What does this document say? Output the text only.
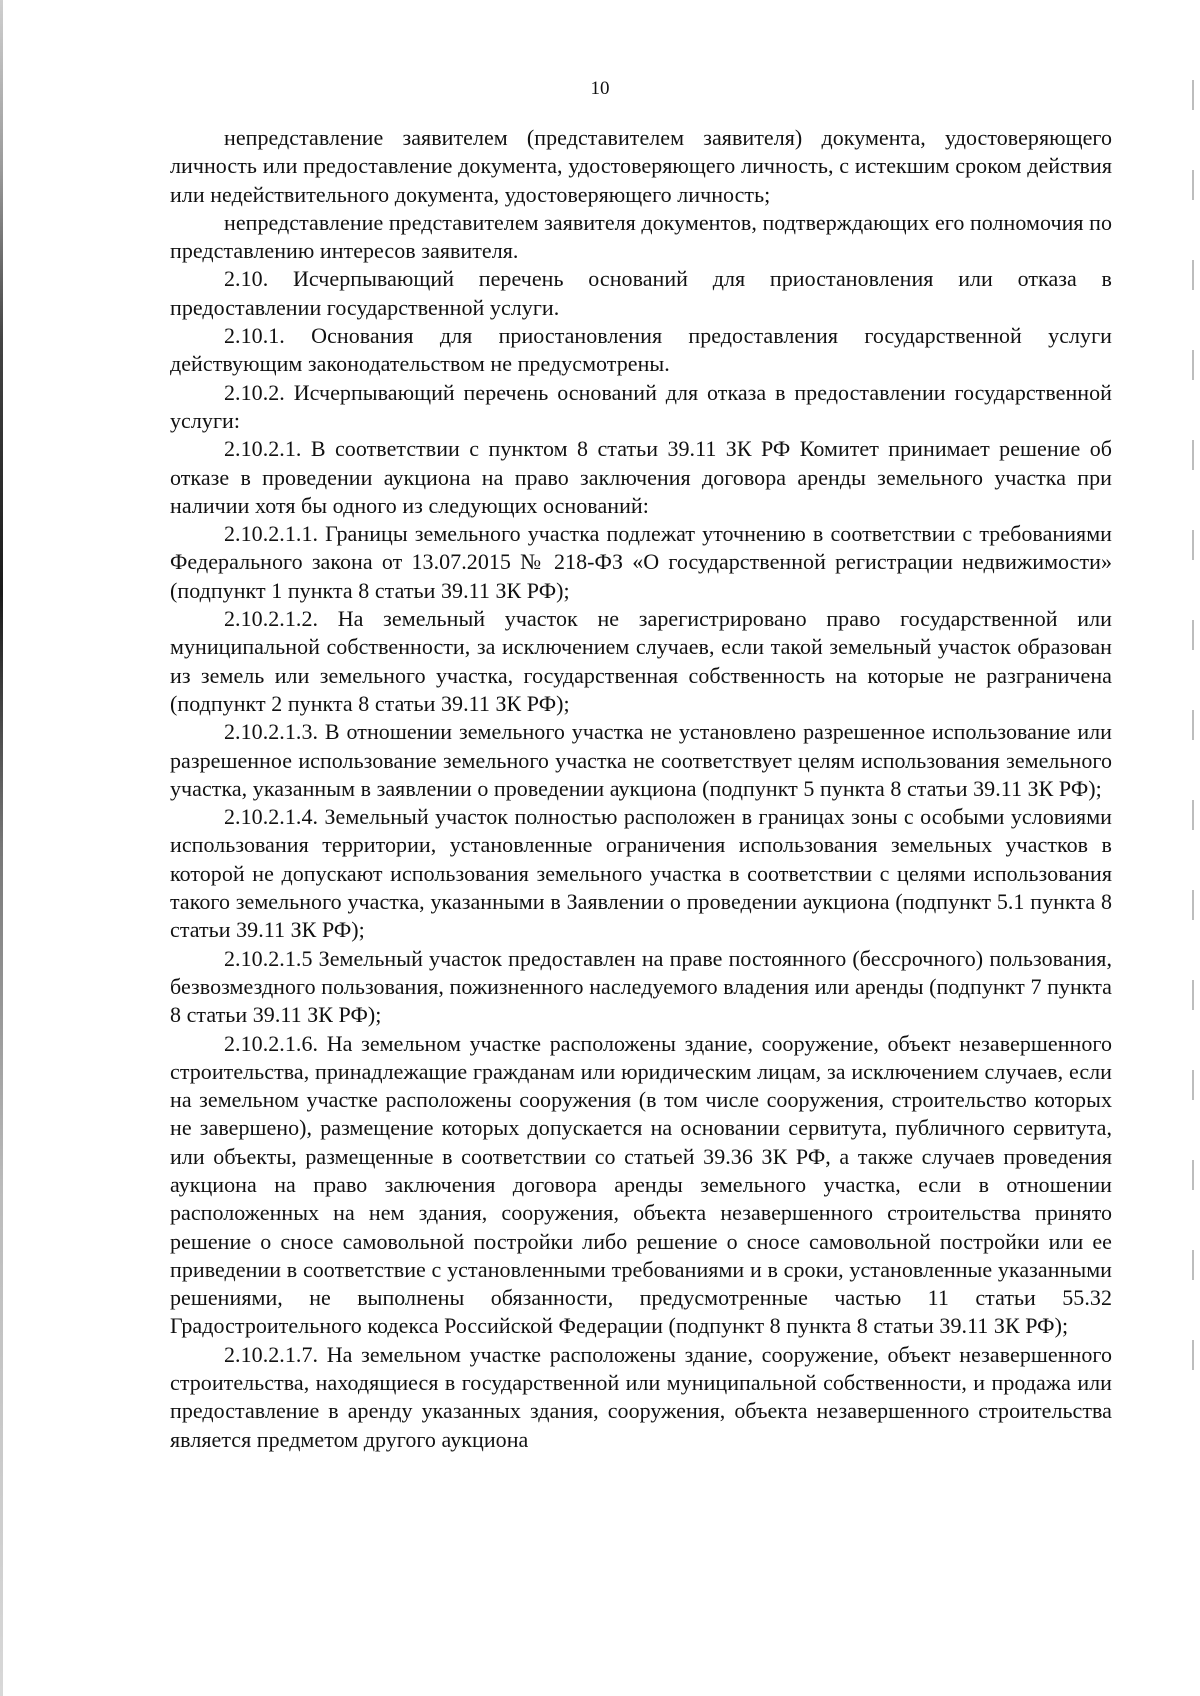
10

непредставление заявителем (представителем заявителя) документа, удостоверяющего личность или предоставление документа, удостоверяющего личность, с истекшим сроком действия или недействительного документа, удостоверяющего личность;

непредставление представителем заявителя документов, подтверждающих его полномочия по представлению интересов заявителя.

2.10. Исчерпывающий перечень оснований для приостановления или отказа в предоставлении государственной услуги.

2.10.1. Основания для приостановления предоставления государственной услуги действующим законодательством не предусмотрены.

2.10.2. Исчерпывающий перечень оснований для отказа в предоставлении государственной услуги:

2.10.2.1. В соответствии с пунктом 8 статьи 39.11 ЗК РФ Комитет принимает решение об отказе в проведении аукциона на право заключения договора аренды земельного участка при наличии хотя бы одного из следующих оснований:

2.10.2.1.1. Границы земельного участка подлежат уточнению в соответствии с требованиями Федерального закона от 13.07.2015 № 218-ФЗ «О государственной регистрации недвижимости» (подпункт 1 пункта 8 статьи 39.11 ЗК РФ);

2.10.2.1.2. На земельный участок не зарегистрировано право государственной или муниципальной собственности, за исключением случаев, если такой земельный участок образован из земель или земельного участка, государственная собственность на которые не разграничена (подпункт 2 пункта 8 статьи 39.11 ЗК РФ);

2.10.2.1.3. В отношении земельного участка не установлено разрешенное использование или разрешенное использование земельного участка не соответствует целям использования земельного участка, указанным в заявлении о проведении аукциона (подпункт 5 пункта 8 статьи 39.11 ЗК РФ);

2.10.2.1.4. Земельный участок полностью расположен в границах зоны с особыми условиями использования территории, установленные ограничения использования земельных участков в которой не допускают использования земельного участка в соответствии с целями использования такого земельного участка, указанными в Заявлении о проведении аукциона (подпункт 5.1 пункта 8 статьи 39.11 ЗК РФ);

2.10.2.1.5 Земельный участок предоставлен на праве постоянного (бессрочного) пользования, безвозмездного пользования, пожизненного наследуемого владения или аренды (подпункт 7 пункта 8 статьи 39.11 ЗК РФ);

2.10.2.1.6. На земельном участке расположены здание, сооружение, объект незавершенного строительства, принадлежащие гражданам или юридическим лицам, за исключением случаев, если на земельном участке расположены сооружения (в том числе сооружения, строительство которых не завершено), размещение которых допускается на основании сервитута, публичного сервитута, или объекты, размещенные в соответствии со статьей 39.36 ЗК РФ, а также случаев проведения аукциона на право заключения договора аренды земельного участка, если в отношении расположенных на нем здания, сооружения, объекта незавершенного строительства принято решение о сносе самовольной постройки либо решение о сносе самовольной постройки или ее приведении в соответствие с установленными требованиями и в сроки, установленные указанными решениями, не выполнены обязанности, предусмотренные частью 11 статьи 55.32 Градостроительного кодекса Российской Федерации (подпункт 8 пункта 8 статьи 39.11 ЗК РФ);

2.10.2.1.7. На земельном участке расположены здание, сооружение, объект незавершенного строительства, находящиеся в государственной или муниципальной собственности, и продажа или предоставление в аренду указанных здания, сооружения, объекта незавершенного строительства является предметом другого аукциона
